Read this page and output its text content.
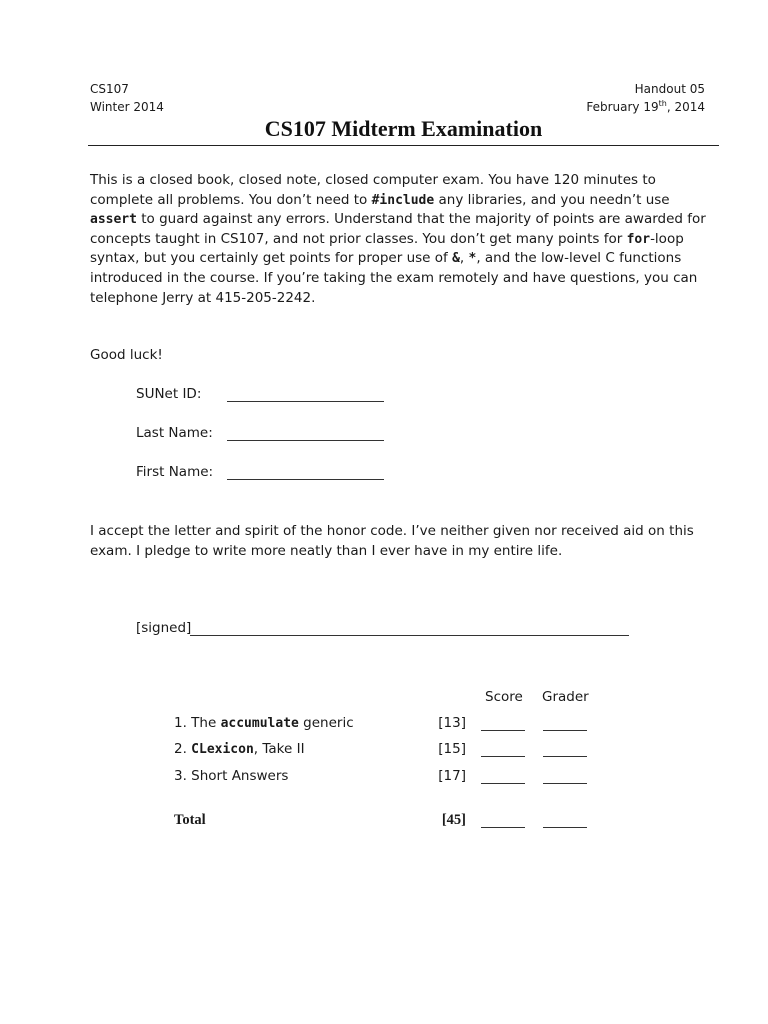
CS107
Winter 2014
Handout 05
February 19th, 2014
CS107 Midterm Examination
This is a closed book, closed note, closed computer exam. You have 120 minutes to complete all problems. You don’t need to #include any libraries, and you needn’t use assert to guard against any errors. Understand that the majority of points are awarded for concepts taught in CS107, and not prior classes. You don’t get many points for for-loop syntax, but you certainly get points for proper use of &, *, and the low-level C functions introduced in the course. If you’re taking the exam remotely and have questions, you can telephone Jerry at 415-205-2242.
Good luck!
SUNet ID:
Last Name:
First Name:
I accept the letter and spirit of the honor code. I’ve neither given nor received aid on this exam. I pledge to write more neatly than I ever have in my entire life.
[signed]
Score Grader
1. The accumulate generic	[13]
2. CLexicon, Take II	[15]
3. Short Answers	[17]
Total	[45]
